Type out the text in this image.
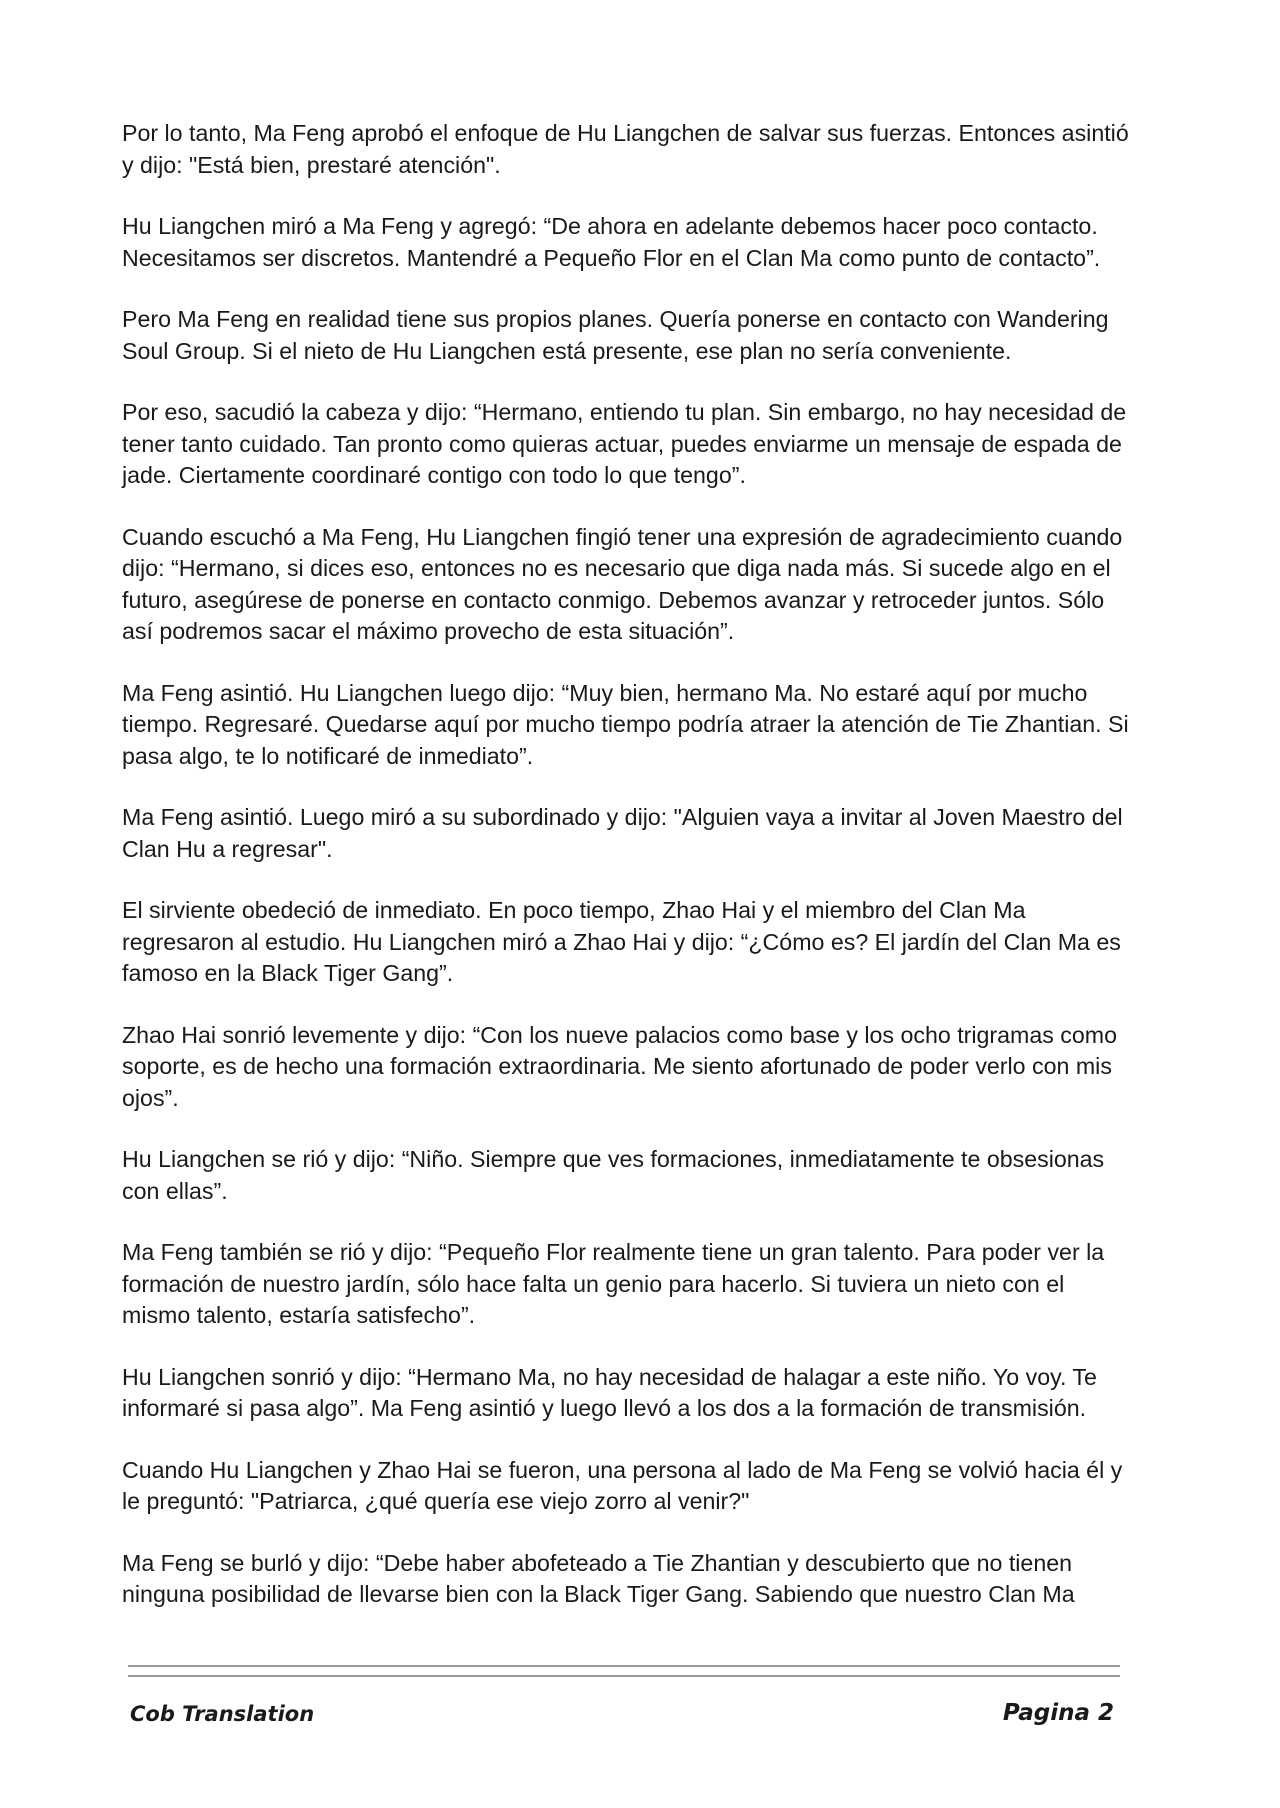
Por lo tanto, Ma Feng aprobó el enfoque de Hu Liangchen de salvar sus fuerzas. Entonces asintió y dijo: "Está bien, prestaré atención".

Hu Liangchen miró a Ma Feng y agregó: “De ahora en adelante debemos hacer poco contacto. Necesitamos ser discretos. Mantendré a Pequeño Flor en el Clan Ma como punto de contacto”.

Pero Ma Feng en realidad tiene sus propios planes. Quería ponerse en contacto con Wandering Soul Group. Si el nieto de Hu Liangchen está presente, ese plan no sería conveniente.

Por eso, sacudió la cabeza y dijo: “Hermano, entiendo tu plan. Sin embargo, no hay necesidad de tener tanto cuidado. Tan pronto como quieras actuar, puedes enviarme un mensaje de espada de jade. Ciertamente coordinaré contigo con todo lo que tengo”.

Cuando escuchó a Ma Feng, Hu Liangchen fingió tener una expresión de agradecimiento cuando dijo: “Hermano, si dices eso, entonces no es necesario que diga nada más. Si sucede algo en el futuro, asegúrese de ponerse en contacto conmigo. Debemos avanzar y retroceder juntos. Sólo así podremos sacar el máximo provecho de esta situación”.

Ma Feng asintió. Hu Liangchen luego dijo: “Muy bien, hermano Ma. No estaré aquí por mucho tiempo. Regresaré. Quedarse aquí por mucho tiempo podría atraer la atención de Tie Zhantian. Si pasa algo, te lo notificaré de inmediato”.

Ma Feng asintió. Luego miró a su subordinado y dijo: "Alguien vaya a invitar al Joven Maestro del Clan Hu a regresar".

El sirviente obedeció de inmediato. En poco tiempo, Zhao Hai y el miembro del Clan Ma regresaron al estudio. Hu Liangchen miró a Zhao Hai y dijo: “¿Cómo es? El jardín del Clan Ma es famoso en la Black Tiger Gang”.

Zhao Hai sonrió levemente y dijo: “Con los nueve palacios como base y los ocho trigramas como soporte, es de hecho una formación extraordinaria. Me siento afortunado de poder verlo con mis ojos”.

Hu Liangchen se rió y dijo: “Niño. Siempre que ves formaciones, inmediatamente te obsesionas con ellas”.

Ma Feng también se rió y dijo: “Pequeño Flor realmente tiene un gran talento. Para poder ver la formación de nuestro jardín, sólo hace falta un genio para hacerlo. Si tuviera un nieto con el mismo talento, estaría satisfecho”.

Hu Liangchen sonrió y dijo: “Hermano Ma, no hay necesidad de halagar a este niño. Yo voy. Te informaré si pasa algo”. Ma Feng asintió y luego llevó a los dos a la formación de transmisión.

Cuando Hu Liangchen y Zhao Hai se fueron, una persona al lado de Ma Feng se volvió hacia él y le preguntó: "Patriarca, ¿qué quería ese viejo zorro al venir?"

Ma Feng se burló y dijo: “Debe haber abofeteado a Tie Zhantian y descubierto que no tienen ninguna posibilidad de llevarse bien con la Black Tiger Gang. Sabiendo que nuestro Clan Ma

Cob Translation	Pagina 2
